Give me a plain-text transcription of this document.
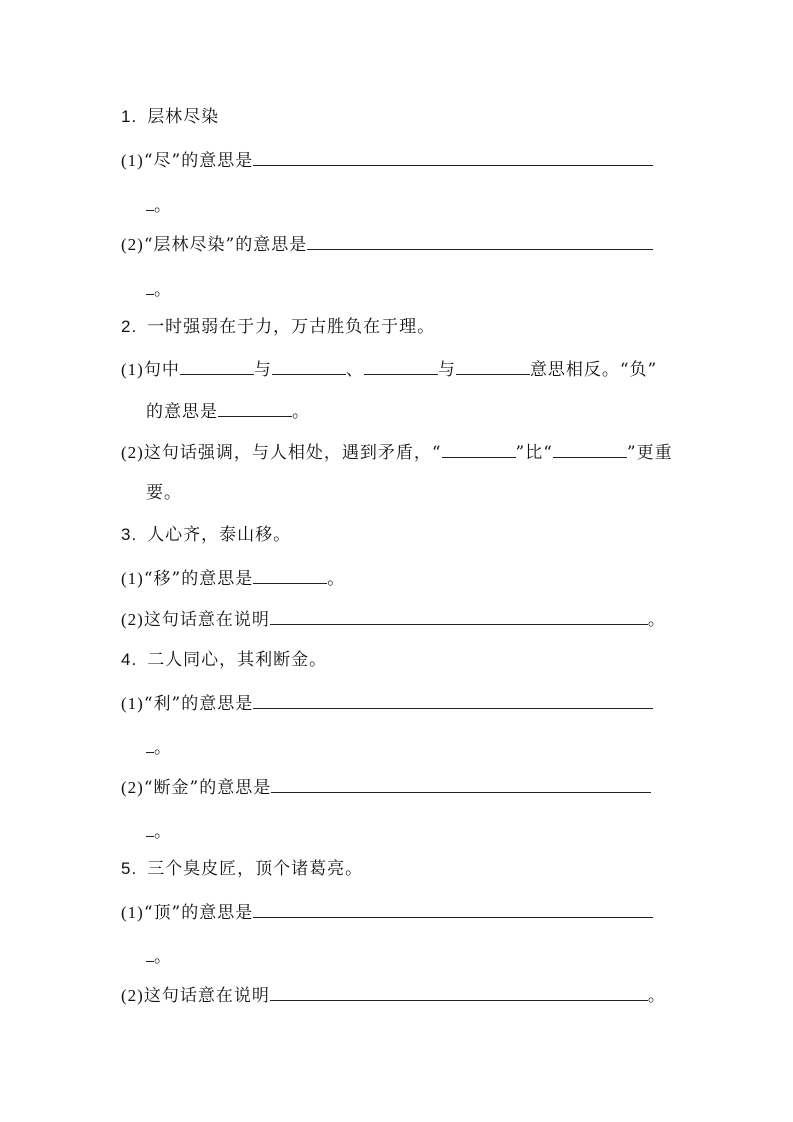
1. 层林尽染
(1)“尽”的意思是
。
(2)“层林尽染”的意思是
。
2. 一时强弱在于力，万古胜负在于理。
(1)句中	与	、	与	意思相反。“负”
的意思是	。
(2)这句话强调，与人相处，遇到矛盾，“	”比“	”更重
要。
3. 人心齐，泰山移。
(1)“移”的意思是	。
(2)这句话意在说明	。
4. 二人同心，其利断金。
(1)“利”的意思是
。
(2)“断金”的意思是
。
5. 三个臭皮匠，顶个诸葛亮。
(1)“顶”的意思是
。
(2)这句话意在说明	。
